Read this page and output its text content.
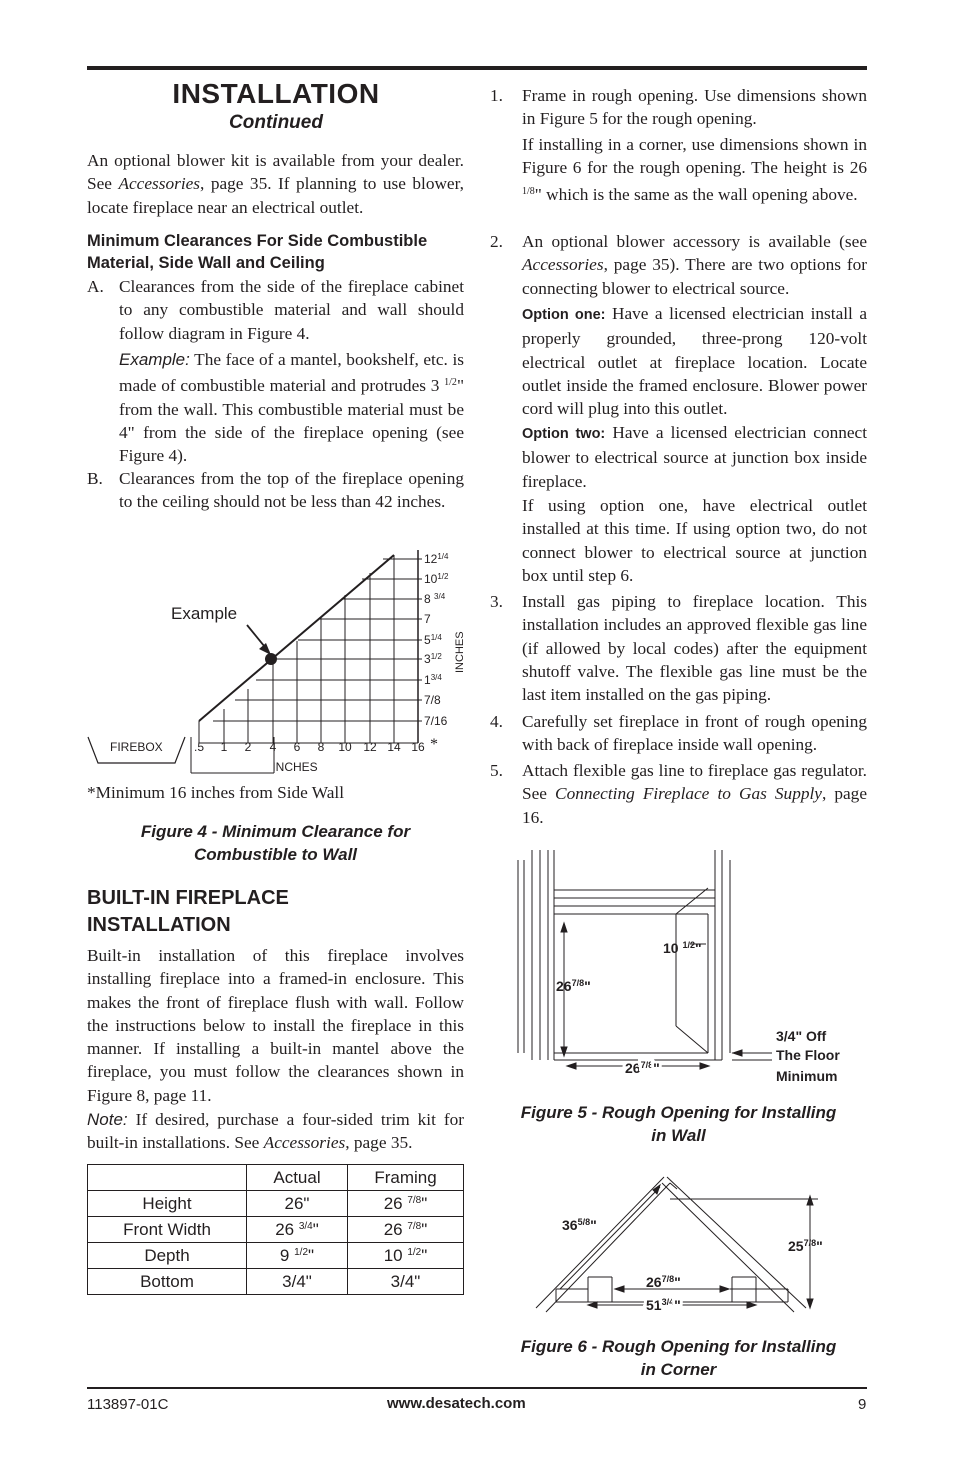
INSTALLATION
Continued
An optional blower kit is available from your dealer. See Accessories, page 35. If planning to use blower, locate fireplace near an electrical outlet.
Minimum Clearances For Side Combustible Material, Side Wall and Ceiling
A. Clearances from the side of the fireplace cabinet to any combustible material and wall should follow diagram in Figure 4.
Example: The face of a mantel, bookshelf, etc. is made of combustible material and protrudes 3 $^{1/2}$" from the wall. This combustible material must be 4" from the side of the fireplace opening (see Figure 4).
B. Clearances from the top of the fireplace opening to the ceiling should not be less than 42 inches.
FIREBOX	.5 1 2 4 6 8 10 12 14 16 *
INCHES
$12^{1/4}$
$10^{1/2}$
8 $^{3/4}$
7
$5^{1/4}$
$3^{1/2}$
$1^{3/4}$
7/8
7/16
INCHES
Example
*Minimum 16 inches from Side Wall
Figure 4 - Minimum Clearance for
Combustible to Wall
BUILT-IN FIREPLACE
INSTALLATION
Built-in installation of this fireplace involves installing fireplace into a framed-in enclosure. This makes the front of fireplace flush with wall. Follow the instructions below to install the fireplace in this manner. If installing a built-in mantel above the fireplace, you must follow the clearances shown in Figure 8, page 11.
Note: If desired, purchase a four-sided trim kit for built-in installations. See Accessories, page 35.
	Actual	Framing
Height	26"	26 $^{7/8}$"
Front Width	26 $^{3/4}$"	26 $^{7/8}$"
Depth	9 $^{1/2}$"	10 $^{1/2}$"
Bottom	3/4"	3/4"
1. Frame in rough opening. Use dimensions shown in Figure 5 for the rough opening.
If installing in a corner, use dimensions shown in Figure 6 for the rough opening. The height is 26 $^{1/8}$" which is the same as the wall opening above.
2. An optional blower accessory is available (see Accessories, page 35). There are two options for connecting blower to electrical source.
Option one: Have a licensed electrician install a properly grounded, three-prong 120-volt electrical outlet at fireplace location. Locate outlet inside the framed enclosure. Blower power cord will plug into this outlet.
Option two: Have a licensed electrician connect blower to electrical source at junction box inside fireplace.
If using option one, have electrical outlet installed at this time. If using option two, do not connect blower to electrical source at junction box until step 6.
3. Install gas piping to fireplace location. This installation includes an approved flexible gas line (if allowed by local codes) after the equipment shutoff valve. The flexible gas line must be the last item installed on the gas piping.
4. Carefully set fireplace in front of rough opening with back of fireplace inside wall opening.
5. Attach flexible gas line to fireplace gas regulator. See Connecting Fireplace to Gas Supply, page 16.
10 $^{1/2}$"
$26^{7/8}$"
$26^{7/8}$"
3/4" Off
The Floor
Minimum
Figure 5 - Rough Opening for Installing
in Wall
$36^{5/8}$"
$25^{7/8}$"
$26^{7/8}$"
$51^{3/4}$"
Figure 6 - Rough Opening for Installing
in Corner
113897-01C	www.desatech.com	9
